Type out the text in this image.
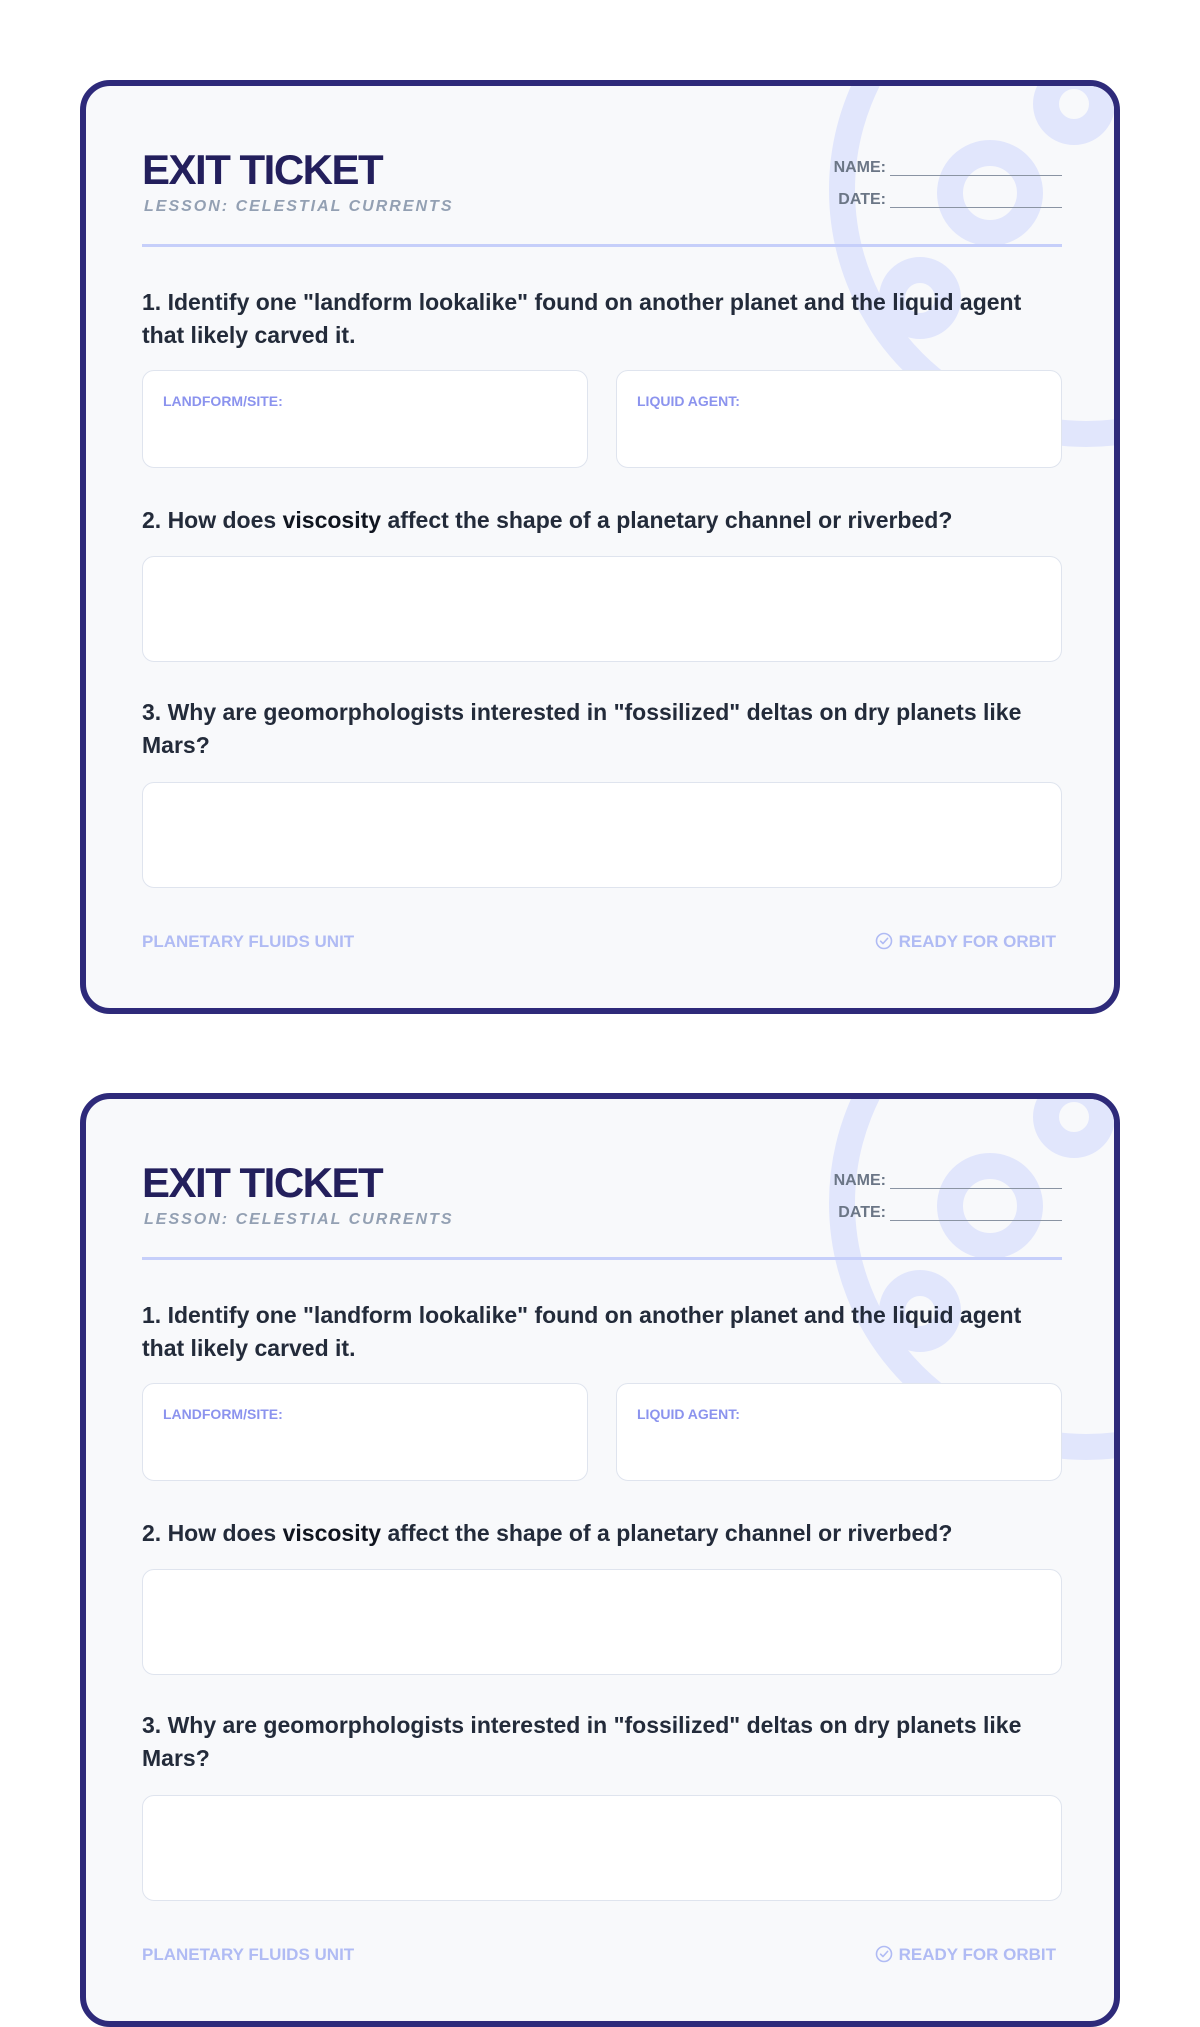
EXIT TICKET
LESSON: CELESTIAL CURRENTS
NAME:
DATE:

1. Identify one "landform lookalike" found on another planet and the liquid agent that likely carved it.

LANDFORM/SITE:	LIQUID AGENT:

2. How does viscosity affect the shape of a planetary channel or riverbed?

3. Why are geomorphologists interested in "fossilized" deltas on dry planets like Mars?

PLANETARY FLUIDS UNIT	READY FOR ORBIT
EXIT TICKET
LESSON: CELESTIAL CURRENTS
NAME:
DATE:

1. Identify one "landform lookalike" found on another planet and the liquid agent that likely carved it.

LANDFORM/SITE:	LIQUID AGENT:

2. How does viscosity affect the shape of a planetary channel or riverbed?

3. Why are geomorphologists interested in "fossilized" deltas on dry planets like Mars?

PLANETARY FLUIDS UNIT	READY FOR ORBIT
